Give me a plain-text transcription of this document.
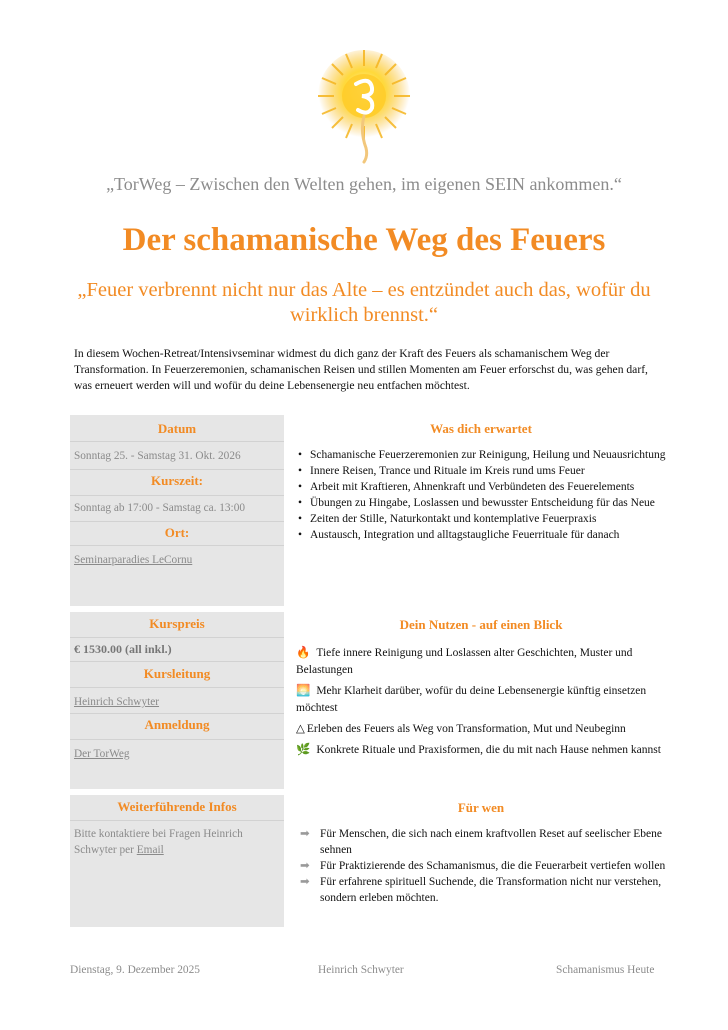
„TorWeg – Zwischen den Welten gehen, im eigenen SEIN ankommen.“
Der schamanische Weg des Feuers
„Feuer verbrennt nicht nur das Alte – es entzündet auch das, wofür du wirklich brennst.“
In diesem Wochen-Retreat/Intensivseminar widmest du dich ganz der Kraft des Feuers als schamanischem Weg der Transformation. In Feuerzeremonien, schamanischen Reisen und stillen Momenten am Feuer erforschst du, was gehen darf, was erneuert werden will und wofür du deine Lebensenergie neu entfachen möchtest.
Datum
Sonntag 25. - Samstag 31. Okt. 2026
Kurszeit:
Sonntag ab 17:00 - Samstag ca. 13:00
Ort:
Seminarparadies LeCornu
Kurspreis
€ 1530.00 (all inkl.)
Kursleitung
Heinrich Schwyter
Anmeldung
Der TorWeg
Weiterführende Infos
Bitte kontaktiere bei Fragen Heinrich Schwyter per Email
Was dich erwartet
• Schamanische Feuerzeremonien zur Reinigung, Heilung und Neuausrichtung
• Innere Reisen, Trance und Rituale im Kreis rund ums Feuer
• Arbeit mit Kraftieren, Ahnenkraft und Verbündeten des Feuerelements
• Übungen zu Hingabe, Loslassen und bewusster Entscheidung für das Neue
• Zeiten der Stille, Naturkontakt und kontemplative Feuerpraxis
• Austausch, Integration und alltagstaugliche Feuerrituale für danach
Dein Nutzen - auf einen Blick
🔥 Tiefe innere Reinigung und Loslassen alter Geschichten, Muster und Belastungen
🌅 Mehr Klarheit darüber, wofür du deine Lebensenergie künftig einsetzen möchtest
△ Erleben des Feuers als Weg von Transformation, Mut und Neubeginn
🌿 Konkrete Rituale und Praxisformen, die du mit nach Hause nehmen kannst
Für wen
➡ Für Menschen, die sich nach einem kraftvollen Reset auf seelischer Ebene sehnen
➡ Für Praktizierende des Schamanismus, die die Feuerarbeit vertiefen wollen
➡ Für erfahrene spirituell Suchende, die Transformation nicht nur verstehen, sondern erleben möchten.
Dienstag, 9. Dezember 2025	Heinrich Schwyter	Schamanismus Heute
